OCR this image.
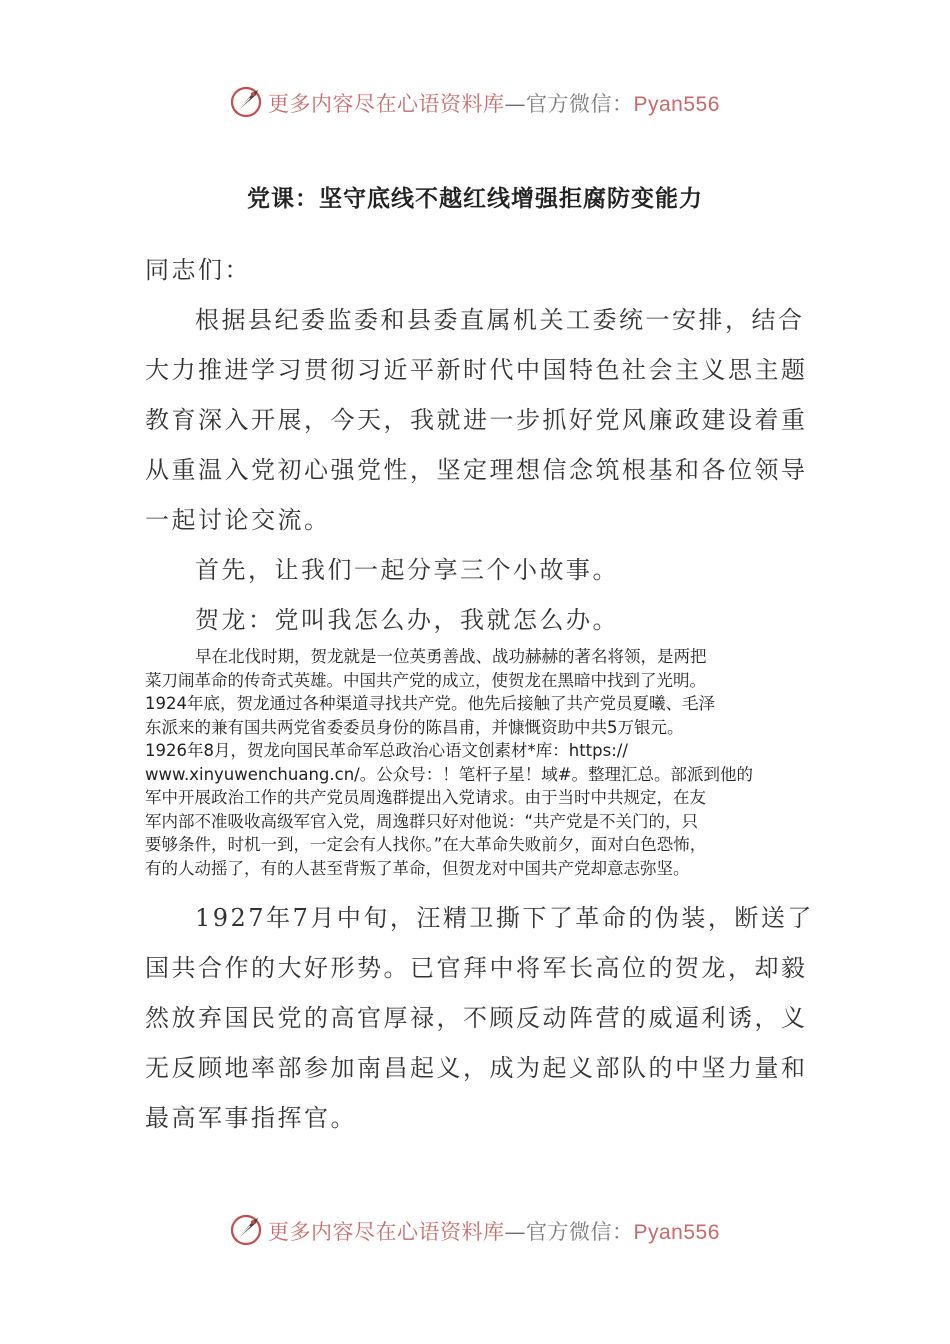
更多内容尽在心语资料库—官方微信：Pyan556
党课：坚守底线不越红线增强拒腐防变能力
同志们：
根据县纪委监委和县委直属机关工委统一安排，结合
大力推进学习贯彻习近平新时代中国特色社会主义思主题
教育深入开展，今天，我就进一步抓好党风廉政建设着重
从重温入党初心强党性，坚定理想信念筑根基和各位领导
一起讨论交流。
首先，让我们一起分享三个小故事。
贺龙：党叫我怎么办，我就怎么办。
早在北伐时期，贺龙就是一位英勇善战、战功赫赫的著名将领，是两把
菜刀闹革命的传奇式英雄。中国共产党的成立，使贺龙在黑暗中找到了光明。
1924年底，贺龙通过各种渠道寻找共产党。他先后接触了共产党员夏曦、毛泽
东派来的兼有国共两党省委委员身份的陈昌甫，并慷慨资助中共5万银元。
1926年8月，贺龙向国民革命军总政治心语文创素材*库：https://
www.xinyuwenchuang.cn/。公众号：！笔杆子星！域#。整理汇总。部派到他的
军中开展政治工作的共产党员周逸群提出入党请求。由于当时中共规定，在友
军内部不准吸收高级军官入党，周逸群只好对他说：“共产党是不关门的，只
要够条件，时机一到，一定会有人找你。”在大革命失败前夕，面对白色恐怖，
有的人动摇了，有的人甚至背叛了革命，但贺龙对中国共产党却意志弥坚。
1927年7月中旬，汪精卫撕下了革命的伪装，断送了
国共合作的大好形势。已官拜中将军长高位的贺龙，却毅
然放弃国民党的高官厚禄，不顾反动阵营的威逼利诱，义
无反顾地率部参加南昌起义，成为起义部队的中坚力量和
最高军事指挥官。
更多内容尽在心语资料库—官方微信：Pyan556
